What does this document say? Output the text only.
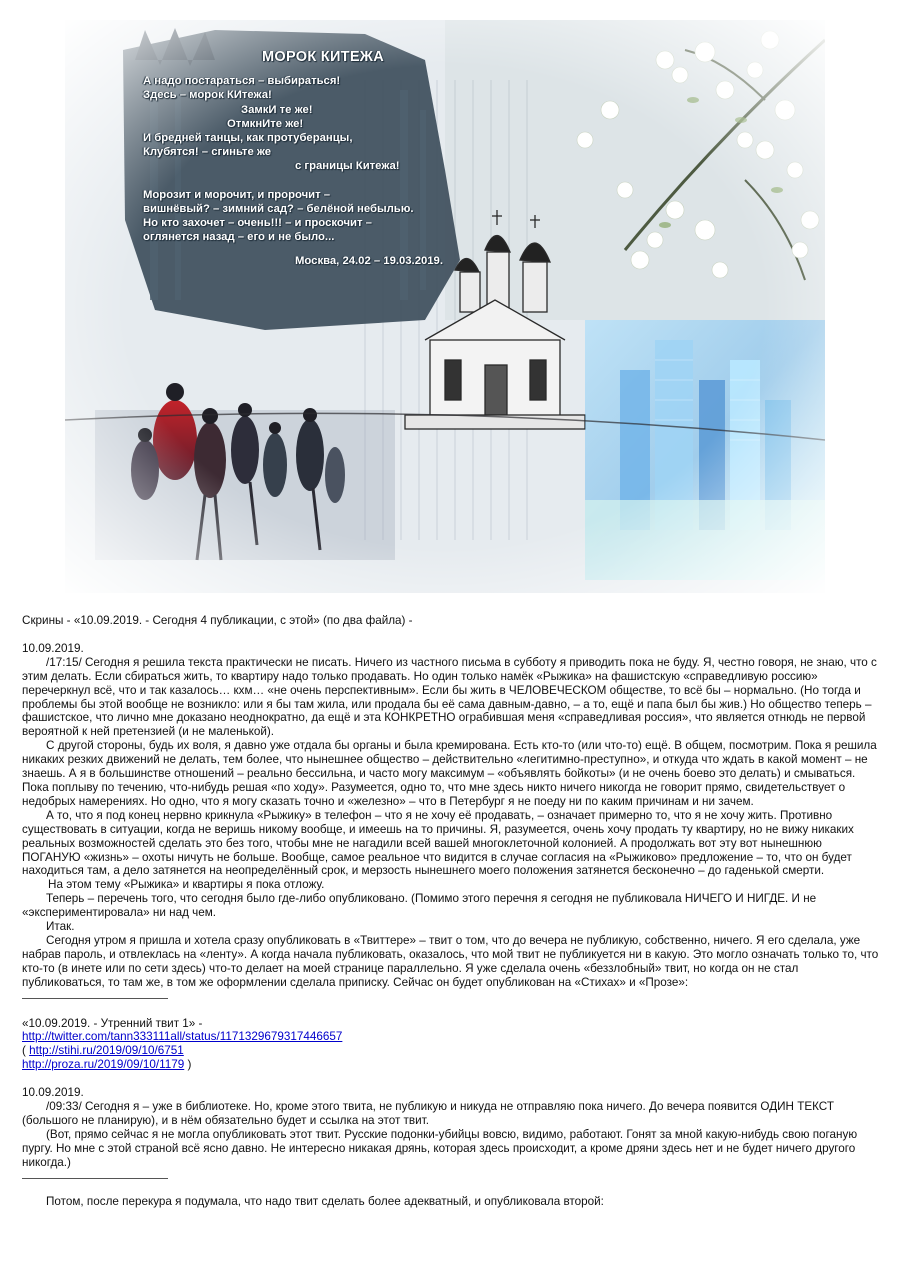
МОРОК КИТЕЖА
А надо постараться – выбираться!
Здесь – морок КИтежа!
ЗамкИ те же!
ОтмкнИте же!
И бредней танцы, как протуберанцы,
Клубятся! – сгиньте же
с границы Китежа!
Морозит и морочит, и пророчит –
вишнёвый? – зимний сад? – белёной небылью.
Но кто захочет – очень!!! – и проскочит –
оглянется назад – его и не было...
Москва, 24.02 – 19.03.2019.

Скрины - «10.09.2019. - Сегодня 4 публикации, с этой» (по два файла) -

10.09.2019.

/17:15/ Сегодня я решила текста практически не писать. Ничего из частного письма в субботу я приводить пока не буду. Я, честно говоря, не знаю, что с этим делать. Если сбираться жить, то квартиру надо только продавать. Но один только намёк «Рыжика» на фашистскую «справедливую россию» перечеркнул всё, что и так казалось… кхм… «не очень перспективным». Если бы жить в ЧЕЛОВЕЧЕСКОМ обществе, то всё бы – нормально. (Но тогда и проблемы бы этой вообще не возникло: или я бы там жила, или продала бы её сама давным-давно, – а то, ещё и папа был бы жив.) Но общество теперь – фашистское, что лично мне доказано неоднократно, да ещё и эта КОНКРЕТНО ограбившая меня «справедливая россия», что является отнюдь не первой вероятной к ней претензией (и не маленькой).

С другой стороны, будь их воля, я давно уже отдала бы органы и была кремирована. Есть кто-то (или что-то) ещё. В общем, посмотрим. Пока я решила никаких резких движений не делать, тем более, что нынешнее общество – действительно «легитимно-преступно», и откуда что ждать в какой момент – не знаешь. А я в большинстве отношений – реально бессильна, и часто могу максимум – «объявлять бойкоты» (и не очень боево это делать) и смываться. Пока поплыву по течению, что-нибудь решая «по ходу». Разумеется, одно то, что мне здесь никто ничего никогда не говорит прямо, свидетельствует о недобрых намерениях. Но одно, что я могу сказать точно и «железно» – что в Петербург я не поеду ни по каким причинам и ни зачем.

А то, что я под конец нервно крикнула «Рыжику» в телефон – что я не хочу её продавать, – означает примерно то, что я не хочу жить. Противно существовать в ситуации, когда не веришь никому вообще, и имеешь на то причины. Я, разумеется, очень хочу продать ту квартиру, но не вижу никаких реальных возможностей сделать это без того, чтобы мне не нагадили всей вашей многоклеточной колонией. А продолжать вот эту вот нынешнюю ПОГАНУЮ «жизнь» – охоты ничуть не больше. Вообще, самое реальное что видится в случае согласия на «Рыжиково» предложение – то, что он будет находиться там, а дело затянется на неопределённый срок, и мерзость нынешнего моего положения затянется бесконечно – до гаденькой смерти.

На этом тему «Рыжика» и квартиры я пока отложу.

Теперь – перечень того, что сегодня было где-либо опубликовано. (Помимо этого перечня я сегодня не публиковала НИЧЕГО И НИГДЕ. И не «экспериментировала» ни над чем.

Итак.

Сегодня утром я пришла и хотела сразу опубликовать в «Твиттере» – твит о том, что до вечера не публикую, собственно, ничего. Я его сделала, уже набрав пароль, и отвлеклась на «ленту». А когда начала публиковать, оказалось, что мой твит не публикуется ни в какую. Это могло означать только то, что кто-то (в инете или по сети здесь) что-то делает на моей странице параллельно. Я уже сделала очень «беззлобный» твит, но когда он не стал публиковаться, то там же, в том же оформлении сделала приписку. Сейчас он будет опубликован на «Стихах» и «Прозе»:

«10.09.2019. - Утренний твит 1» -

http://twitter.com/tann333111all/status/1171329679317446657

( http://stihi.ru/2019/09/10/6751

http://proza.ru/2019/09/10/1179 )

10.09.2019.

/09:33/ Сегодня я – уже в библиотеке. Но, кроме этого твита, не публикую и никуда не отправляю пока ничего. До вечера появится ОДИН ТЕКСТ (большого не планирую), и в нём обязательно будет и ссылка на этот твит.

(Вот, прямо сейчас я не могла опубликовать этот твит. Русские подонки-убийцы вовсю, видимо, работают. Гонят за мной какую-нибудь свою поганую пургу. Но мне с этой страной всё ясно давно. Не интересно никакая дрянь, которая здесь происходит, а кроме дряни здесь нет и не будет ничего другого никогда.)

Потом, после перекура я подумала, что надо твит сделать более адекватный, и опубликовала второй:
